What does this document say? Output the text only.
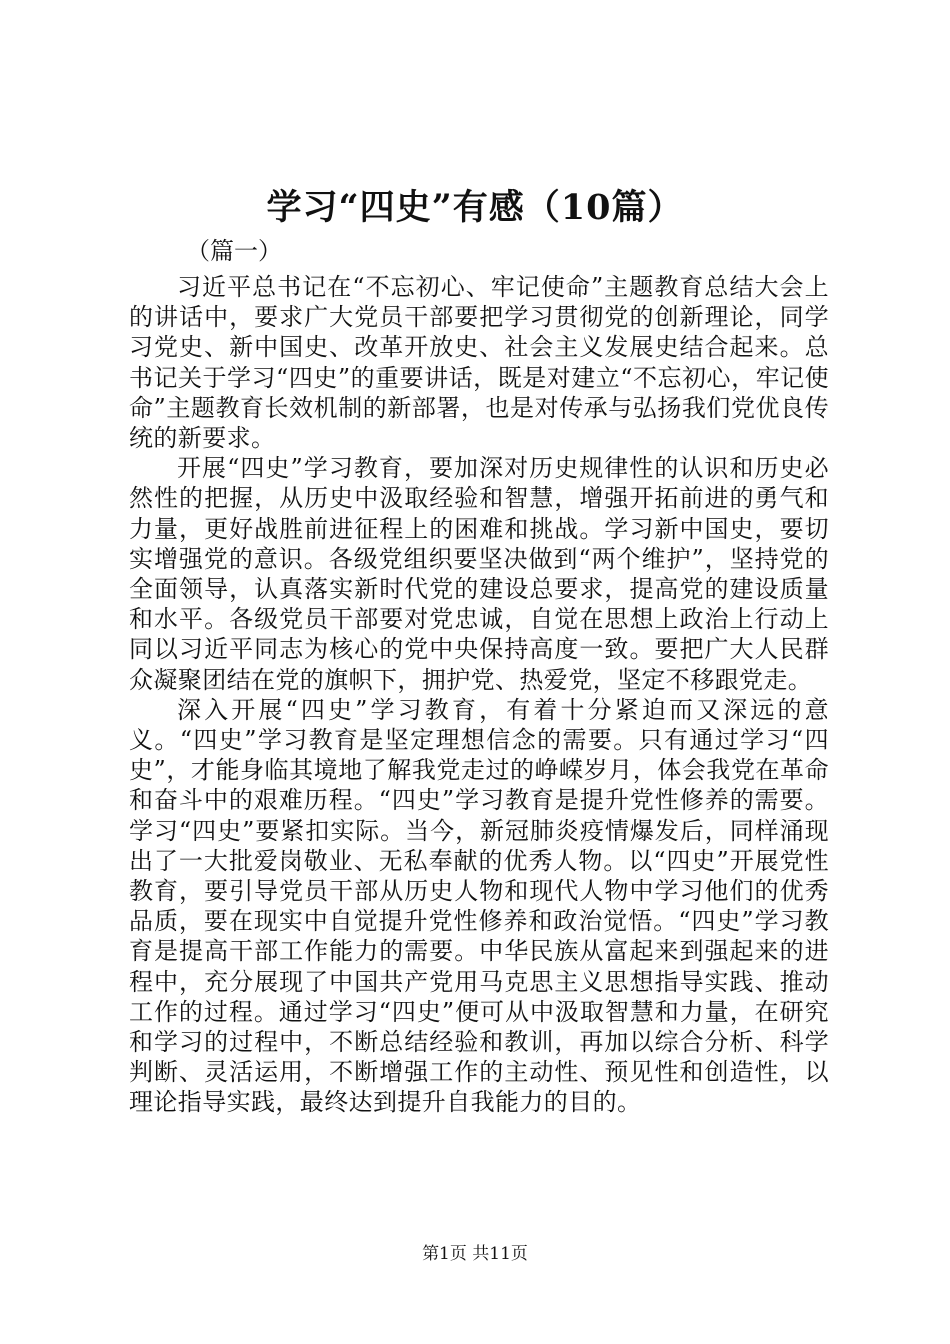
学习“四史”有感（10篇）

（篇一）

习近平总书记在“不忘初心、牢记使命”主题教育总结大会上的讲话中，要求广大党员干部要把学习贯彻党的创新理论，同学习党史、新中国史、改革开放史、社会主义发展史结合起来。总书记关于学习“四史”的重要讲话，既是对建立“不忘初心，牢记使命”主题教育长效机制的新部署，也是对传承与弘扬我们党优良传统的新要求。

开展“四史”学习教育，要加深对历史规律性的认识和历史必然性的把握，从历史中汲取经验和智慧，增强开拓前进的勇气和力量，更好战胜前进征程上的困难和挑战。学习新中国史，要切实增强党的意识。各级党组织要坚决做到“两个维护”，坚持党的全面领导，认真落实新时代党的建设总要求，提高党的建设质量和水平。各级党员干部要对党忠诚，自觉在思想上政治上行动上同以习近平同志为核心的党中央保持高度一致。要把广大人民群众凝聚团结在党的旗帜下，拥护党、热爱党，坚定不移跟党走。

深入开展“四史”学习教育，有着十分紧迫而又深远的意义。“四史”学习教育是坚定理想信念的需要。只有通过学习“四史”，才能身临其境地了解我党走过的峥嵘岁月，体会我党在革命和奋斗中的艰难历程。“四史”学习教育是提升党性修养的需要。学习“四史”要紧扣实际。当今，新冠肺炎疫情爆发后，同样涌现出了一大批爱岗敬业、无私奉献的优秀人物。以“四史”开展党性教育，要引导党员干部从历史人物和现代人物中学习他们的优秀品质，要在现实中自觉提升党性修养和政治觉悟。“四史”学习教育是提高干部工作能力的需要。中华民族从富起来到强起来的进程中，充分展现了中国共产党用马克思主义思想指导实践、推动工作的过程。通过学习“四史”便可从中汲取智慧和力量，在研究和学习的过程中，不断总结经验和教训，再加以综合分析、科学判断、灵活运用，不断增强工作的主动性、预见性和创造性，以理论指导实践，最终达到提升自我能力的目的。

第1页 共11页
